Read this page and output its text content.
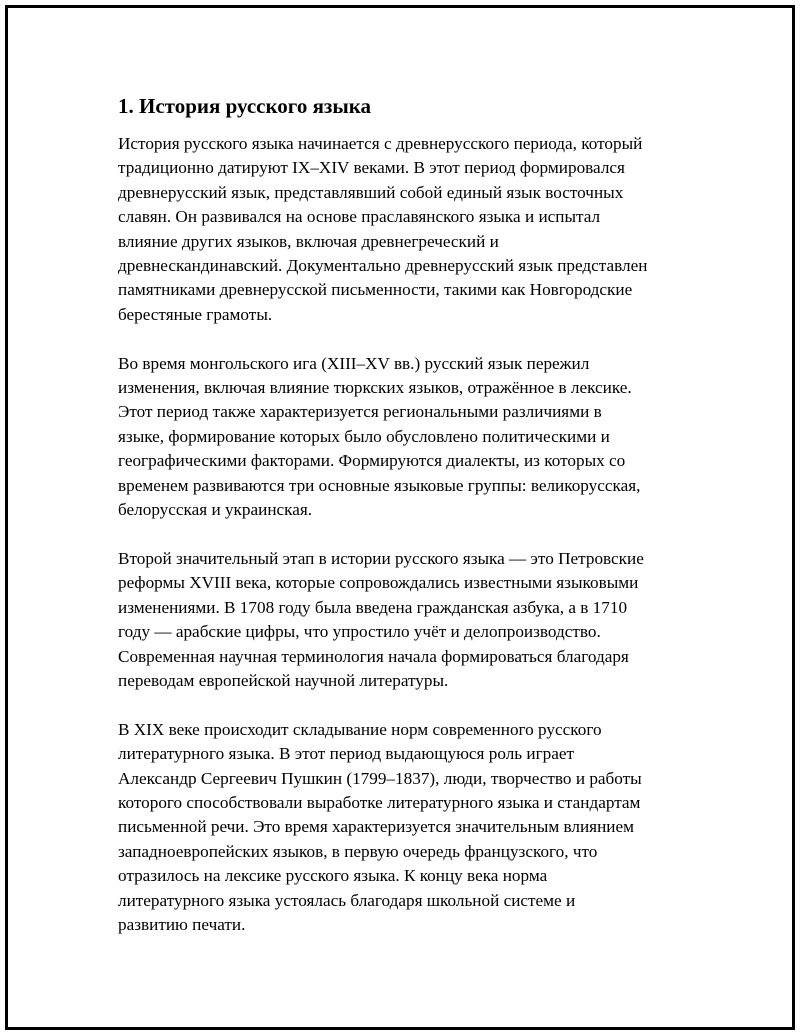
1. История русского языка

История русского языка начинается с древнерусского периода, который
традиционно датируют IX–XIV веками. В этот период формировался
древнерусский язык, представлявший собой единый язык восточных
славян. Он развивался на основе праславянского языка и испытал
влияние других языков, включая древнегреческий и
древнескандинавский. Документально древнерусский язык представлен
памятниками древнерусской письменности, такими как Новгородские
берестяные грамоты.

Во время монгольского ига (XIII–XV вв.) русский язык пережил
изменения, включая влияние тюркских языков, отражённое в лексике.
Этот период также характеризуется региональными различиями в
языке, формирование которых было обусловлено политическими и
географическими факторами. Формируются диалекты, из которых со
временем развиваются три основные языковые группы: великорусская,
белорусская и украинская.

Второй значительный этап в истории русского языка — это Петровские
реформы XVIII века, которые сопровождались известными языковыми
изменениями. В 1708 году была введена гражданская азбука, а в 1710
году — арабские цифры, что упростило учёт и делопроизводство.
Современная научная терминология начала формироваться благодаря
переводам европейской научной литературы.

В XIX веке происходит складывание норм современного русского
литературного языка. В этот период выдающуюся роль играет
Александр Сергеевич Пушкин (1799–1837), люди, творчество и работы
которого способствовали выработке литературного языка и стандартам
письменной речи. Это время характеризуется значительным влиянием
западноевропейских языков, в первую очередь французского, что
отразилось на лексике русского языка. К концу века норма
литературного языка устоялась благодаря школьной системе и
развитию печати.
